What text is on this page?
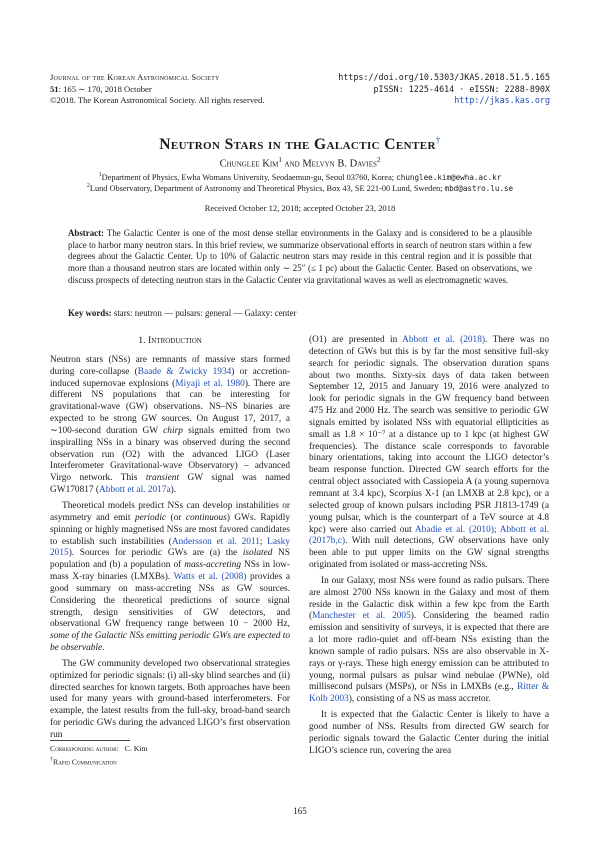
Journal of the Korean Astronomical Society
51: 165 ∼ 170, 2018 October
©2018. The Korean Astronomical Society. All rights reserved.
https://doi.org/10.5303/JKAS.2018.51.5.165
pISSN: 1225-4614 · eISSN: 2288-890X
http://jkas.kas.org
Neutron Stars in the Galactic Center†
Chunglee Kim$^1$ and Melvyn B. Davies$^2$
$^1$Department of Physics, Ewha Womans University, Seodaemun-gu, Seoul 03760, Korea; chunglee.kim@ewha.ac.kr
$^2$Lund Observatory, Department of Astronomy and Theoretical Physics, Box 43, SE 221-00 Lund, Sweden; mbd@astro.lu.se
Received October 12, 2018; accepted October 23, 2018
Abstract: The Galactic Center is one of the most dense stellar environments in the Galaxy and is considered to be a plausible place to harbor many neutron stars. In this brief review, we summarize observational efforts in search of neutron stars within a few degrees about the Galactic Center. Up to 10% of Galactic neutron stars may reside in this central region and it is possible that more than a thousand neutron stars are located within only ∼ 25″ (≤ 1 pc) about the Galactic Center. Based on observations, we discuss prospects of detecting neutron stars in the Galactic Center via gravitational waves as well as electromagnetic waves.
Key words: stars: neutron — pulsars: general — Galaxy: center
1. Introduction

Neutron stars (NSs) are remnants of massive stars formed during core-collapse (Baade & Zwicky 1934) or accretion-induced supernovae explosions (Miyaji et al. 1980). There are different NS populations that can be interesting for gravitational-wave (GW) observations. NS–NS binaries are expected to be strong GW sources. On August 17, 2017, a ∼100-second duration GW chirp signals emitted from two inspiralling NSs in a binary was observed during the second observation run (O2) with the advanced LIGO (Laser Interferometer Gravitational-wave Observatory) – advanced Virgo network. This transient GW signal was named GW170817 (Abbott et al. 2017a).

Theoretical models predict NSs can develop instabilities or asymmetry and emit periodic (or continuous) GWs. Rapidly spinning or highly magnetised NSs are most favored candidates to establish such instabilities (Andersson et al. 2011; Lasky 2015). Sources for periodic GWs are (a) the isolated NS population and (b) a population of mass-accreting NSs in low-mass X-ray binaries (LMXBs). Watts et al. (2008) provides a good summary on mass-accreting NSs as GW sources. Considering the theoretical predictions of source signal strength, design sensitivities of GW detectors, and observational GW frequency range between 10 − 2000 Hz, some of the Galactic NSs emitting periodic GWs are expected to be observable.

The GW community developed two observational strategies optimized for periodic signals: (i) all-sky blind searches and (ii) directed searches for known targets. Both approaches have been used for many years with ground-based interferometers. For example, the latest results from the full-sky, broad-band search for periodic GWs during the advanced LIGO’s first observation run

(O1) are presented in Abbott et al. (2018). There was no detection of GWs but this is by far the most sensitive full-sky search for periodic signals. The observation duration spans about two months. Sixty-six days of data taken between September 12, 2015 and January 19, 2016 were analyzed to look for periodic signals in the GW frequency band between 475 Hz and 2000 Hz. The search was sensitive to periodic GW signals emitted by isolated NSs with equatorial ellipticities as small as 1.8 × 10⁻⁷ at a distance up to 1 kpc (at highest GW frequencies). The distance scale corresponds to favorable binary orientations, taking into account the LIGO detector’s beam response function. Directed GW search efforts for the central object associated with Cassiopeia A (a young supernova remnant at 3.4 kpc), Scorpius X-1 (an LMXB at 2.8 kpc), or a selected group of known pulsars including PSR J1813-1749 (a young pulsar, which is the counterpart of a TeV source at 4.8 kpc) were also carried out Abadie et al. (2010); Abbott et al. (2017b,c). With null detections, GW observations have only been able to put upper limits on the GW signal strengths originated from isolated or mass-accreting NSs.

In our Galaxy, most NSs were found as radio pulsars. There are almost 2700 NSs known in the Galaxy and most of them reside in the Galactic disk within a few kpc from the Earth (Manchester et al. 2005). Considering the beamed radio emission and sensitivity of surveys, it is expected that there are a lot more radio-quiet and off-beam NSs existing than the known sample of radio pulsars. NSs are also observable in X-rays or γ-rays. These high energy emission can be attributed to young, normal pulsars as pulsar wind nebulae (PWNe), old millisecond pulsars (MSPs), or NSs in LMXBs (e.g., Ritter & Kolb 2003), consisting of a NS as mass accretor.

It is expected that the Galactic Center is likely to have a good number of NSs. Results from directed GW search for periodic signals toward the Galactic Center during the initial LIGO’s science run, covering the area

Corresponding author: C. Kim
†Rapid Communication
165
